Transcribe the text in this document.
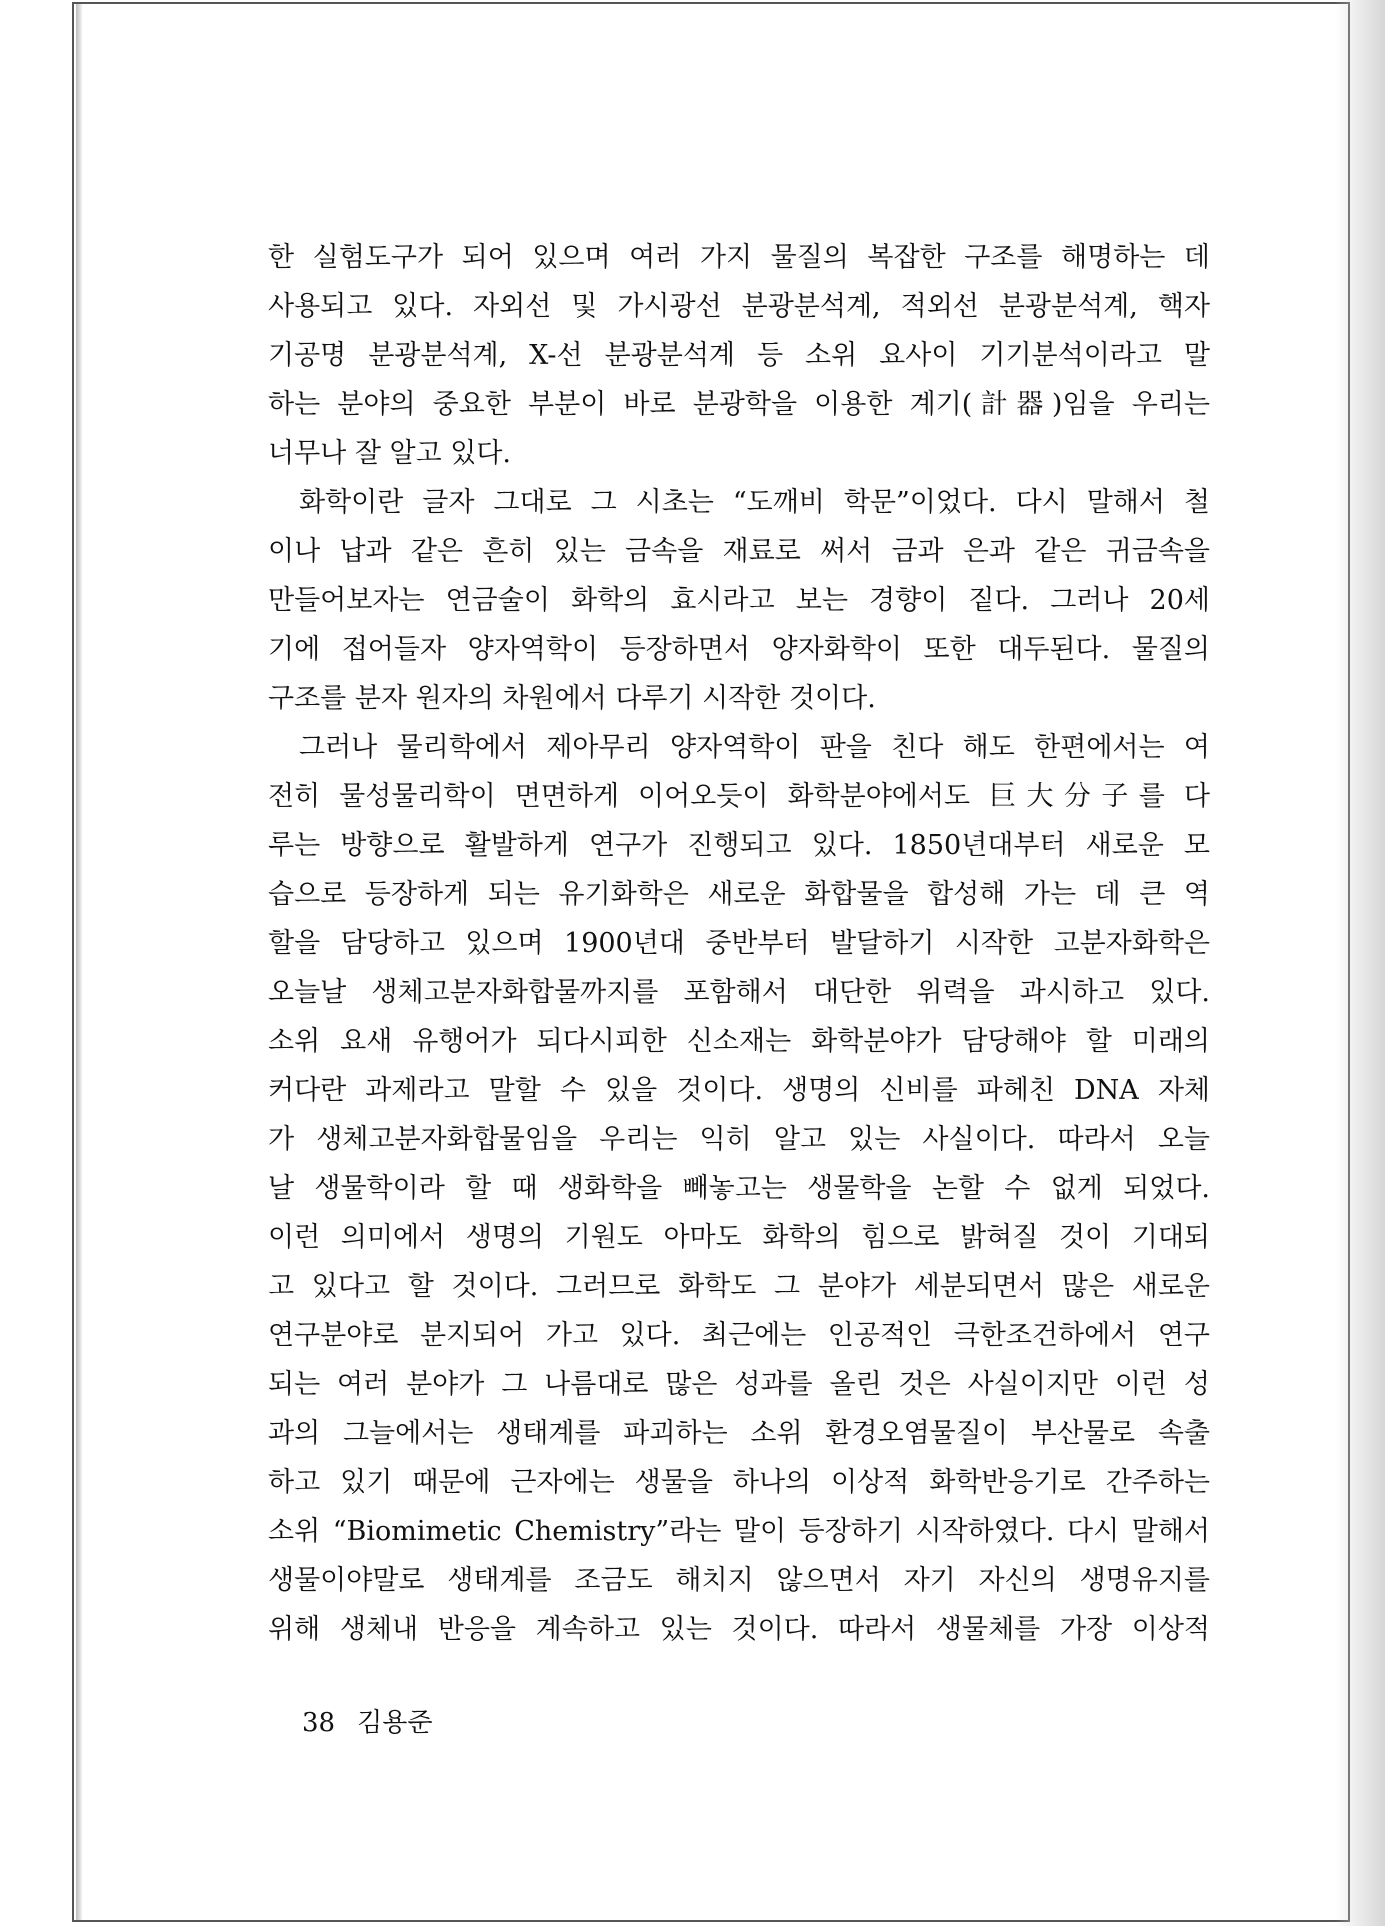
한 실험도구가 되어 있으며 여러 가지 물질의 복잡한 구조를 해명하는 데
사용되고 있다. 자외선 및 가시광선 분광분석계, 적외선 분광분석계, 핵자
기공명 분광분석계, X-선 분광분석계 등 소위 요사이 기기분석이라고 말
하는 분야의 중요한 부분이 바로 분광학을 이용한 계기(計器)임을 우리는
너무나 잘 알고 있다.
화학이란 글자 그대로 그 시초는 “도깨비 학문”이었다. 다시 말해서 철
이나 납과 같은 흔히 있는 금속을 재료로 써서 금과 은과 같은 귀금속을
만들어보자는 연금술이 화학의 효시라고 보는 경향이 짙다. 그러나 20세
기에 접어들자 양자역학이 등장하면서 양자화학이 또한 대두된다. 물질의
구조를 분자 원자의 차원에서 다루기 시작한 것이다.
그러나 물리학에서 제아무리 양자역학이 판을 친다 해도 한편에서는 여
전히 물성물리학이 면면하게 이어오듯이 화학분야에서도 巨大分子를 다
루는 방향으로 활발하게 연구가 진행되고 있다. 1850년대부터 새로운 모
습으로 등장하게 되는 유기화학은 새로운 화합물을 합성해 가는 데 큰 역
할을 담당하고 있으며 1900년대 중반부터 발달하기 시작한 고분자화학은
오늘날 생체고분자화합물까지를 포함해서 대단한 위력을 과시하고 있다.
소위 요새 유행어가 되다시피한 신소재는 화학분야가 담당해야 할 미래의
커다란 과제라고 말할 수 있을 것이다. 생명의 신비를 파헤친 DNA 자체
가 생체고분자화합물임을 우리는 익히 알고 있는 사실이다. 따라서 오늘
날 생물학이라 할 때 생화학을 빼놓고는 생물학을 논할 수 없게 되었다.
이런 의미에서 생명의 기원도 아마도 화학의 힘으로 밝혀질 것이 기대되
고 있다고 할 것이다. 그러므로 화학도 그 분야가 세분되면서 많은 새로운
연구분야로 분지되어 가고 있다. 최근에는 인공적인 극한조건하에서 연구
되는 여러 분야가 그 나름대로 많은 성과를 올린 것은 사실이지만 이런 성
과의 그늘에서는 생태계를 파괴하는 소위 환경오염물질이 부산물로 속출
하고 있기 때문에 근자에는 생물을 하나의 이상적 화학반응기로 간주하는
소위 “Biomimetic Chemistry”라는 말이 등장하기 시작하였다. 다시 말해서
생물이야말로 생태계를 조금도 해치지 않으면서 자기 자신의 생명유지를
위해 생체내 반응을 계속하고 있는 것이다. 따라서 생물체를 가장 이상적
38 김용준
